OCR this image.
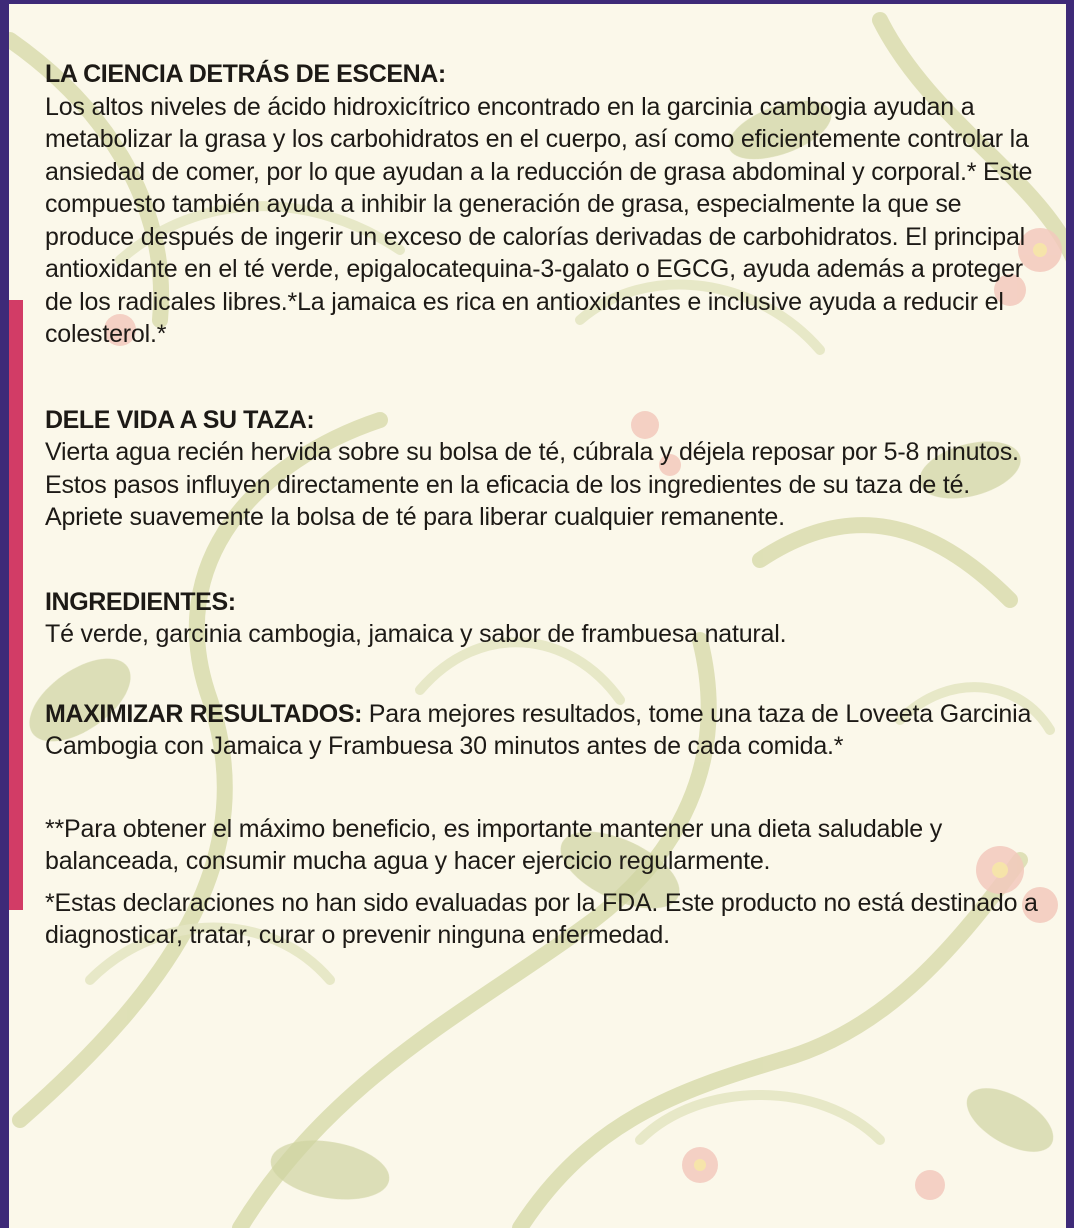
LA CIENCIA DETRÁS DE ESCENA:

Los altos niveles de ácido hidroxicítrico encontrado en la garcinia cambogia ayudan a metabolizar la grasa y los carbohidratos en el cuerpo, así como eficientemente controlar la ansiedad de comer, por lo que ayudan a la reducción de grasa abdominal y corporal.* Este compuesto también ayuda a inhibir la generación de grasa, especialmente la que se produce después de ingerir un exceso de calorías derivadas de carbohidratos. El principal antioxidante en el té verde, epigalocatequina-3-galato o EGCG, ayuda además a proteger de los radicales libres.*La jamaica es rica en antioxidantes e inclusive ayuda a reducir el colesterol.*

DELE VIDA A SU TAZA:

Vierta agua recién hervida sobre su bolsa de té, cúbrala y déjela reposar por 5-8 minutos. Estos pasos influyen directamente en la eficacia de los ingredientes de su taza de té. Apriete suavemente la bolsa de té para liberar cualquier remanente.

INGREDIENTES:

Té verde, garcinia cambogia, jamaica y sabor de frambuesa natural.

MAXIMIZAR RESULTADOS: Para mejores resultados, tome una taza de Loveeta Garcinia Cambogia con Jamaica y Frambuesa 30 minutos antes de cada comida.*

**Para obtener el máximo beneficio, es importante mantener una dieta saludable y balanceada, consumir mucha agua y hacer ejercicio regularmente.

*Estas declaraciones no han sido evaluadas por la FDA. Este producto no está destinado a diagnosticar, tratar, curar o prevenir ninguna enfermedad.
